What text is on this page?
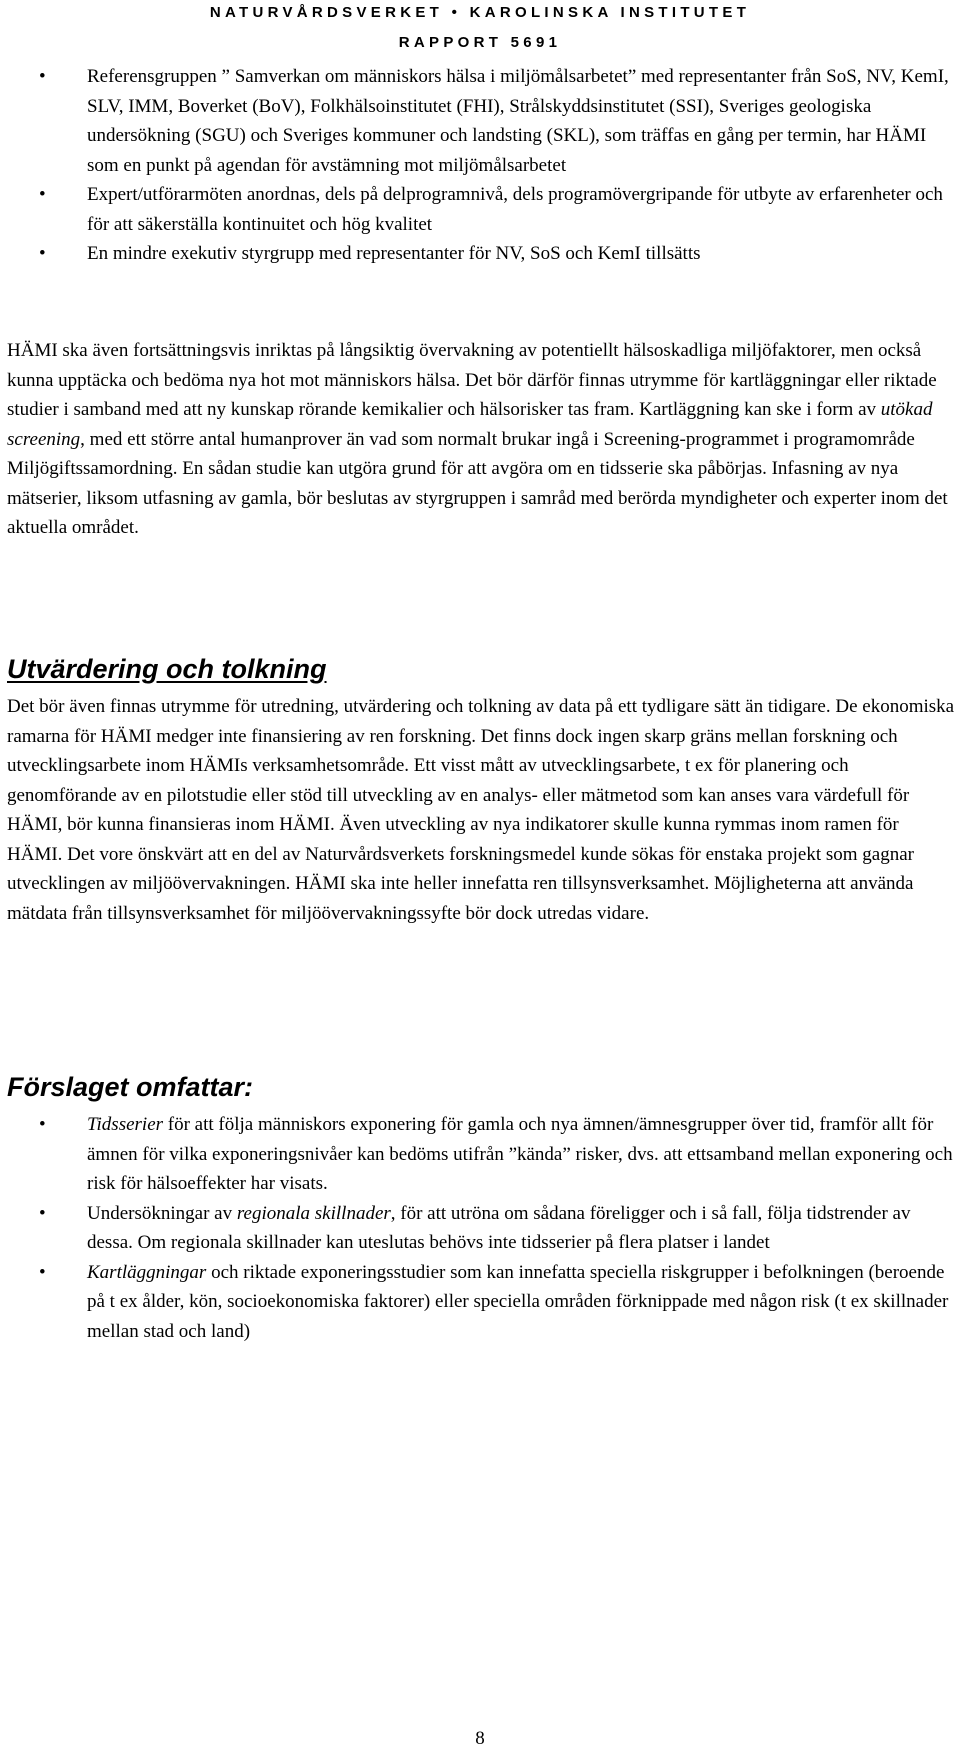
NATURVÅRDSVERKET • KAROLINSKA INSTITUTET
RAPPORT 5691
• Referensgruppen ” Samverkan om människors hälsa i miljömålsarbetet” med representanter från SoS, NV, KemI, SLV, IMM, Boverket (BoV), Folkhälsoinstitutet (FHI), Strålskyddsinstitutet (SSI), Sveriges geologiska undersökning (SGU) och Sveriges kommuner och landsting (SKL), som träffas en gång per termin, har HÄMI som en punkt på agendan för avstämning mot miljömålsarbetet
• Expert/utförarmöten anordnas, dels på delprogramnivå, dels programövergripande för utbyte av erfarenheter och för att säkerställa kontinuitet och hög kvalitet
• En mindre exekutiv styrgrupp med representanter för NV, SoS och KemI tillsätts

HÄMI ska även fortsättningsvis inriktas på långsiktig övervakning av potentiellt hälsoskadliga miljöfaktorer, men också kunna upptäcka och bedöma nya hot mot människors hälsa. Det bör därför finnas utrymme för kartläggningar eller riktade studier i samband med att ny kunskap rörande kemikalier och hälsorisker tas fram. Kartläggning kan ske i form av utökad screening, med ett större antal humanprover än vad som normalt brukar ingå i Screening-programmet i programområde Miljögiftssamordning. En sådan studie kan utgöra grund för att avgöra om en tidsserie ska påbörjas. Infasning av nya mätserier, liksom utfasning av gamla, bör beslutas av styrgruppen i samråd med berörda myndigheter och experter inom det aktuella området.

Utvärdering och tolkning

Det bör även finnas utrymme för utredning, utvärdering och tolkning av data på ett tydligare sätt än tidigare. De ekonomiska ramarna för HÄMI medger inte finansiering av ren forskning. Det finns dock ingen skarp gräns mellan forskning och utvecklingsarbete inom HÄMIs verksamhetsområde. Ett visst mått av utvecklingsarbete, t ex för planering och genomförande av en pilotstudie eller stöd till utveckling av en analys- eller mätmetod som kan anses vara värdefull för HÄMI, bör kunna finansieras inom HÄMI. Även utveckling av nya indikatorer skulle kunna rymmas inom ramen för HÄMI. Det vore önskvärt att en del av Naturvårdsverkets forskningsmedel kunde sökas för enstaka projekt som gagnar utvecklingen av miljöövervakningen. HÄMI ska inte heller innefatta ren tillsynsverksamhet. Möjligheterna att använda mätdata från tillsynsverksamhet för miljöövervakningssyfte bör dock utredas vidare.

Förslaget omfattar:
• Tidsserier för att följa människors exponering för gamla och nya ämnen/ämnesgrupper över tid, framför allt för ämnen för vilka exponeringsnivåer kan bedöms utifrån ”kända” risker, dvs. att ettsamband mellan exponering och risk för hälsoeffekter har visats.
• Undersökningar av regionala skillnader, för att utröna om sådana föreligger och i så fall, följa tidstrender av dessa. Om regionala skillnader kan uteslutas behövs inte tidsserier på flera platser i landet
• Kartläggningar och riktade exponeringsstudier som kan innefatta speciella riskgrupper i befolkningen (beroende på t ex ålder, kön, socioekonomiska faktorer) eller speciella områden förknippade med någon risk (t ex skillnader mellan stad och land)
8
